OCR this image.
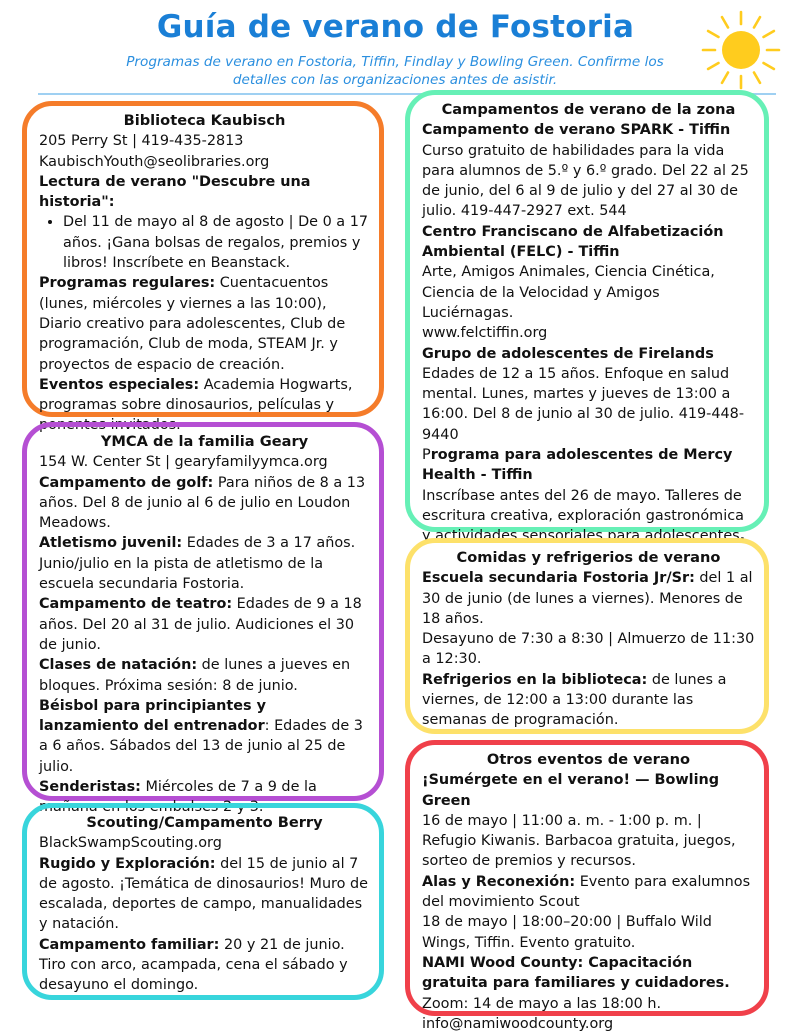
Guía de verano de Fostoria
Programas de verano en Fostoria, Tiffin, Findlay y Bowling Green. Confirme los detalles con las organizaciones antes de asistir.
Biblioteca Kaubisch

205 Perry St | 419-435-2813

KaubischYouth@seolibraries.org

Lectura de verano "Descubre una historia":

• Del 11 de mayo al 8 de agosto | De 0 a 17 años. ¡Gana bolsas de regalos, premios y libros! Inscríbete en Beanstack.

Programas regulares: Cuentacuentos (lunes, miércoles y viernes a las 10:00), Diario creativo para adolescentes, Club de programación, Club de moda, STEAM Jr. y proyectos de espacio de creación.

Eventos especiales: Academia Hogwarts, programas sobre dinosaurios, películas y ponentes invitados.

YMCA de la familia Geary

154 W. Center St | gearyfamilyymca.org

Campamento de golf: Para niños de 8 a 13 años. Del 8 de junio al 6 de julio en Loudon Meadows.

Atletismo juvenil: Edades de 3 a 17 años. Junio/julio en la pista de atletismo de la escuela secundaria Fostoria.

Campamento de teatro: Edades de 9 a 18 años. Del 20 al 31 de julio. Audiciones el 30 de junio.

Clases de natación: de lunes a jueves en bloques. Próxima sesión: 8 de junio.

Béisbol para principiantes y lanzamiento del entrenador: Edades de 3 a 6 años. Sábados del 13 de junio al 25 de julio.

Senderistas: Miércoles de 7 a 9 de la mañana en los embalses 2 y 3.

Scouting/Campamento Berry

BlackSwampScouting.org

Rugido y Exploración: del 15 de junio al 7 de agosto. ¡Temática de dinosaurios! Muro de escalada, deportes de campo, manualidades y natación.

Campamento familiar: 20 y 21 de junio. Tiro con arco, acampada, cena el sábado y desayuno el domingo.

Campamentos de verano de la zona

Campamento de verano SPARK - Tiffin

Curso gratuito de habilidades para la vida para alumnos de 5.º y 6.º grado. Del 22 al 25 de junio, del 6 al 9 de julio y del 27 al 30 de julio. 419-447-2927 ext. 544

Centro Franciscano de Alfabetización Ambiental (FELC) - Tiffin

Arte, Amigos Animales, Ciencia Cinética, Ciencia de la Velocidad y Amigos Luciérnagas.

www.felctiffin.org

Grupo de adolescentes de Firelands

Edades de 12 a 15 años. Enfoque en salud mental. Lunes, martes y jueves de 13:00 a 16:00. Del 8 de junio al 30 de julio. 419-448-9440

Programa para adolescentes de Mercy Health - Tiffin

Inscríbase antes del 26 de mayo. Talleres de escritura creativa, exploración gastronómica y actividades sensoriales para adolescentes.

Comidas y refrigerios de verano

Escuela secundaria Fostoria Jr/Sr: del 1 al 30 de junio (de lunes a viernes). Menores de 18 años.

Desayuno de 7:30 a 8:30 | Almuerzo de 11:30 a 12:30.

Refrigerios en la biblioteca: de lunes a viernes, de 12:00 a 13:00 durante las semanas de programación.

Otros eventos de verano

¡Sumérgete en el verano! — Bowling Green

16 de mayo | 11:00 a. m. - 1:00 p. m. | Refugio Kiwanis. Barbacoa gratuita, juegos, sorteo de premios y recursos.

Alas y Reconexión: Evento para exalumnos del movimiento Scout

18 de mayo | 18:00–20:00 | Buffalo Wild Wings, Tiffin. Evento gratuito.

NAMI Wood County: Capacitación gratuita para familiares y cuidadores.

Zoom: 14 de mayo a las 18:00 h.

info@namiwoodcounty.org
